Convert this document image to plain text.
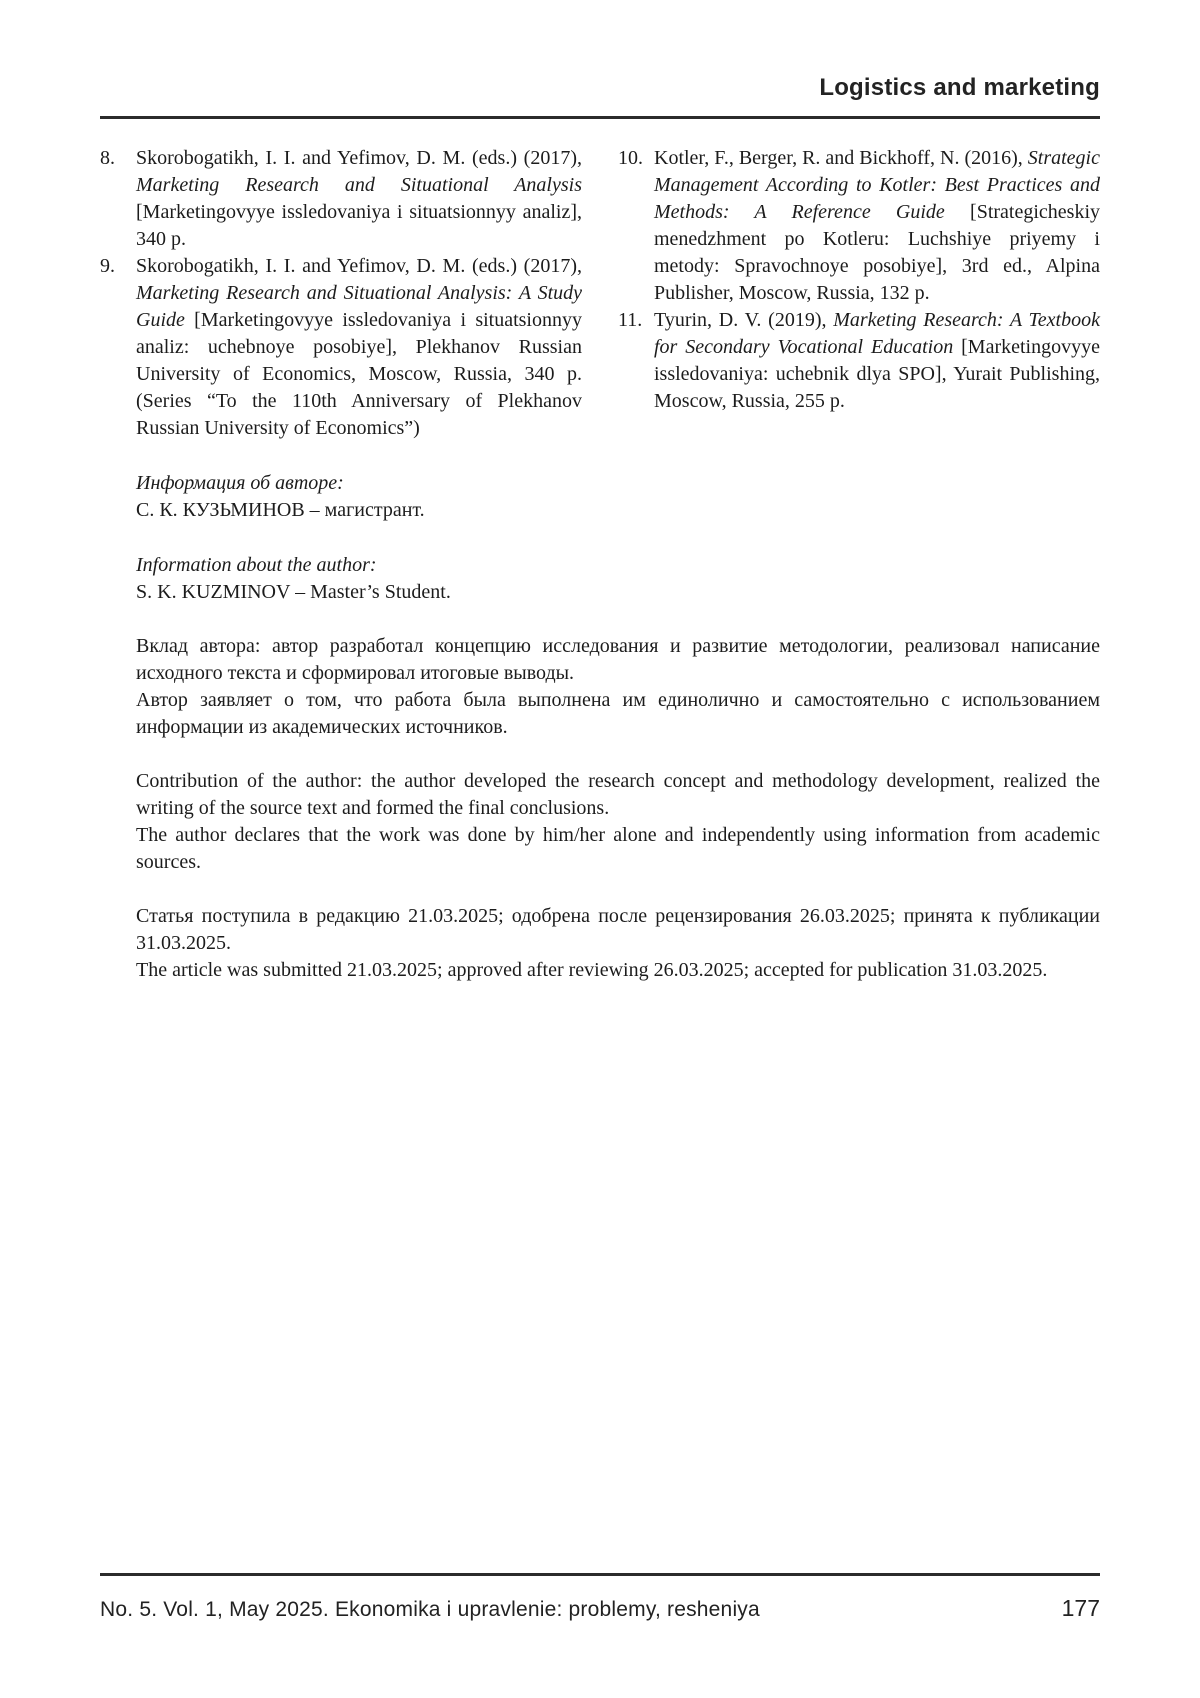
Logistics and marketing
8.	Skorobogatikh, I. I. and Yefimov, D. M. (eds.) (2017), Marketing Research and Situational Analysis [Marketingovyye issledovaniya i situatsionnyy analiz], 340 p.
9.	Skorobogatikh, I. I. and Yefimov, D. M. (eds.) (2017), Marketing Research and Situational Analysis: A Study Guide [Marketingovyye issledovaniya i situatsionnyy analiz: uchebnoye posobiye], Plekhanov Russian University of Economics, Moscow, Russia, 340 p. (Series “To the 110th Anniversary of Plekhanov Russian University of Economics”)
10. Kotler, F., Berger, R. and Bickhoff, N. (2016), Strategic Management According to Kotler: Best Practices and Methods: A Reference Guide [Strategicheskiy menedzhment po Kotleru: Luchshiye priyemy i metody: Spravochnoye posobiye], 3rd ed., Alpina Publisher, Moscow, Russia, 132 p.
11. Tyurin, D. V. (2019), Marketing Research: A Textbook for Secondary Vocational Education [Marketingovyye issledovaniya: uchebnik dlya SPO], Yurait Publishing, Moscow, Russia, 255 p.
Информация об авторе:
С. К. КУЗЬМИНОВ – магистрант.
Information about the author:
S. K. KUZMINOV – Master’s Student.

Вклад автора: автор разработал концепцию исследования и развитие методологии, реализовал написание исходного текста и сформировал итоговые выводы.

Автор заявляет о том, что работа была выполнена им единолично и самостоятельно с использованием информации из академических источников.

Contribution of the author: the author developed the research concept and methodology development, realized the writing of the source text and formed the final conclusions.

The author declares that the work was done by him/her alone and independently using information from academic sources.

Статья поступила в редакцию 21.03.2025; одобрена после рецензирования 26.03.2025; принята к публикации 31.03.2025.

The article was submitted 21.03.2025; approved after reviewing 26.03.2025; accepted for publication 31.03.2025.

No. 5. Vol. 1, May 2025. Ekonomika i upravlenie: problemy, resheniya	177
